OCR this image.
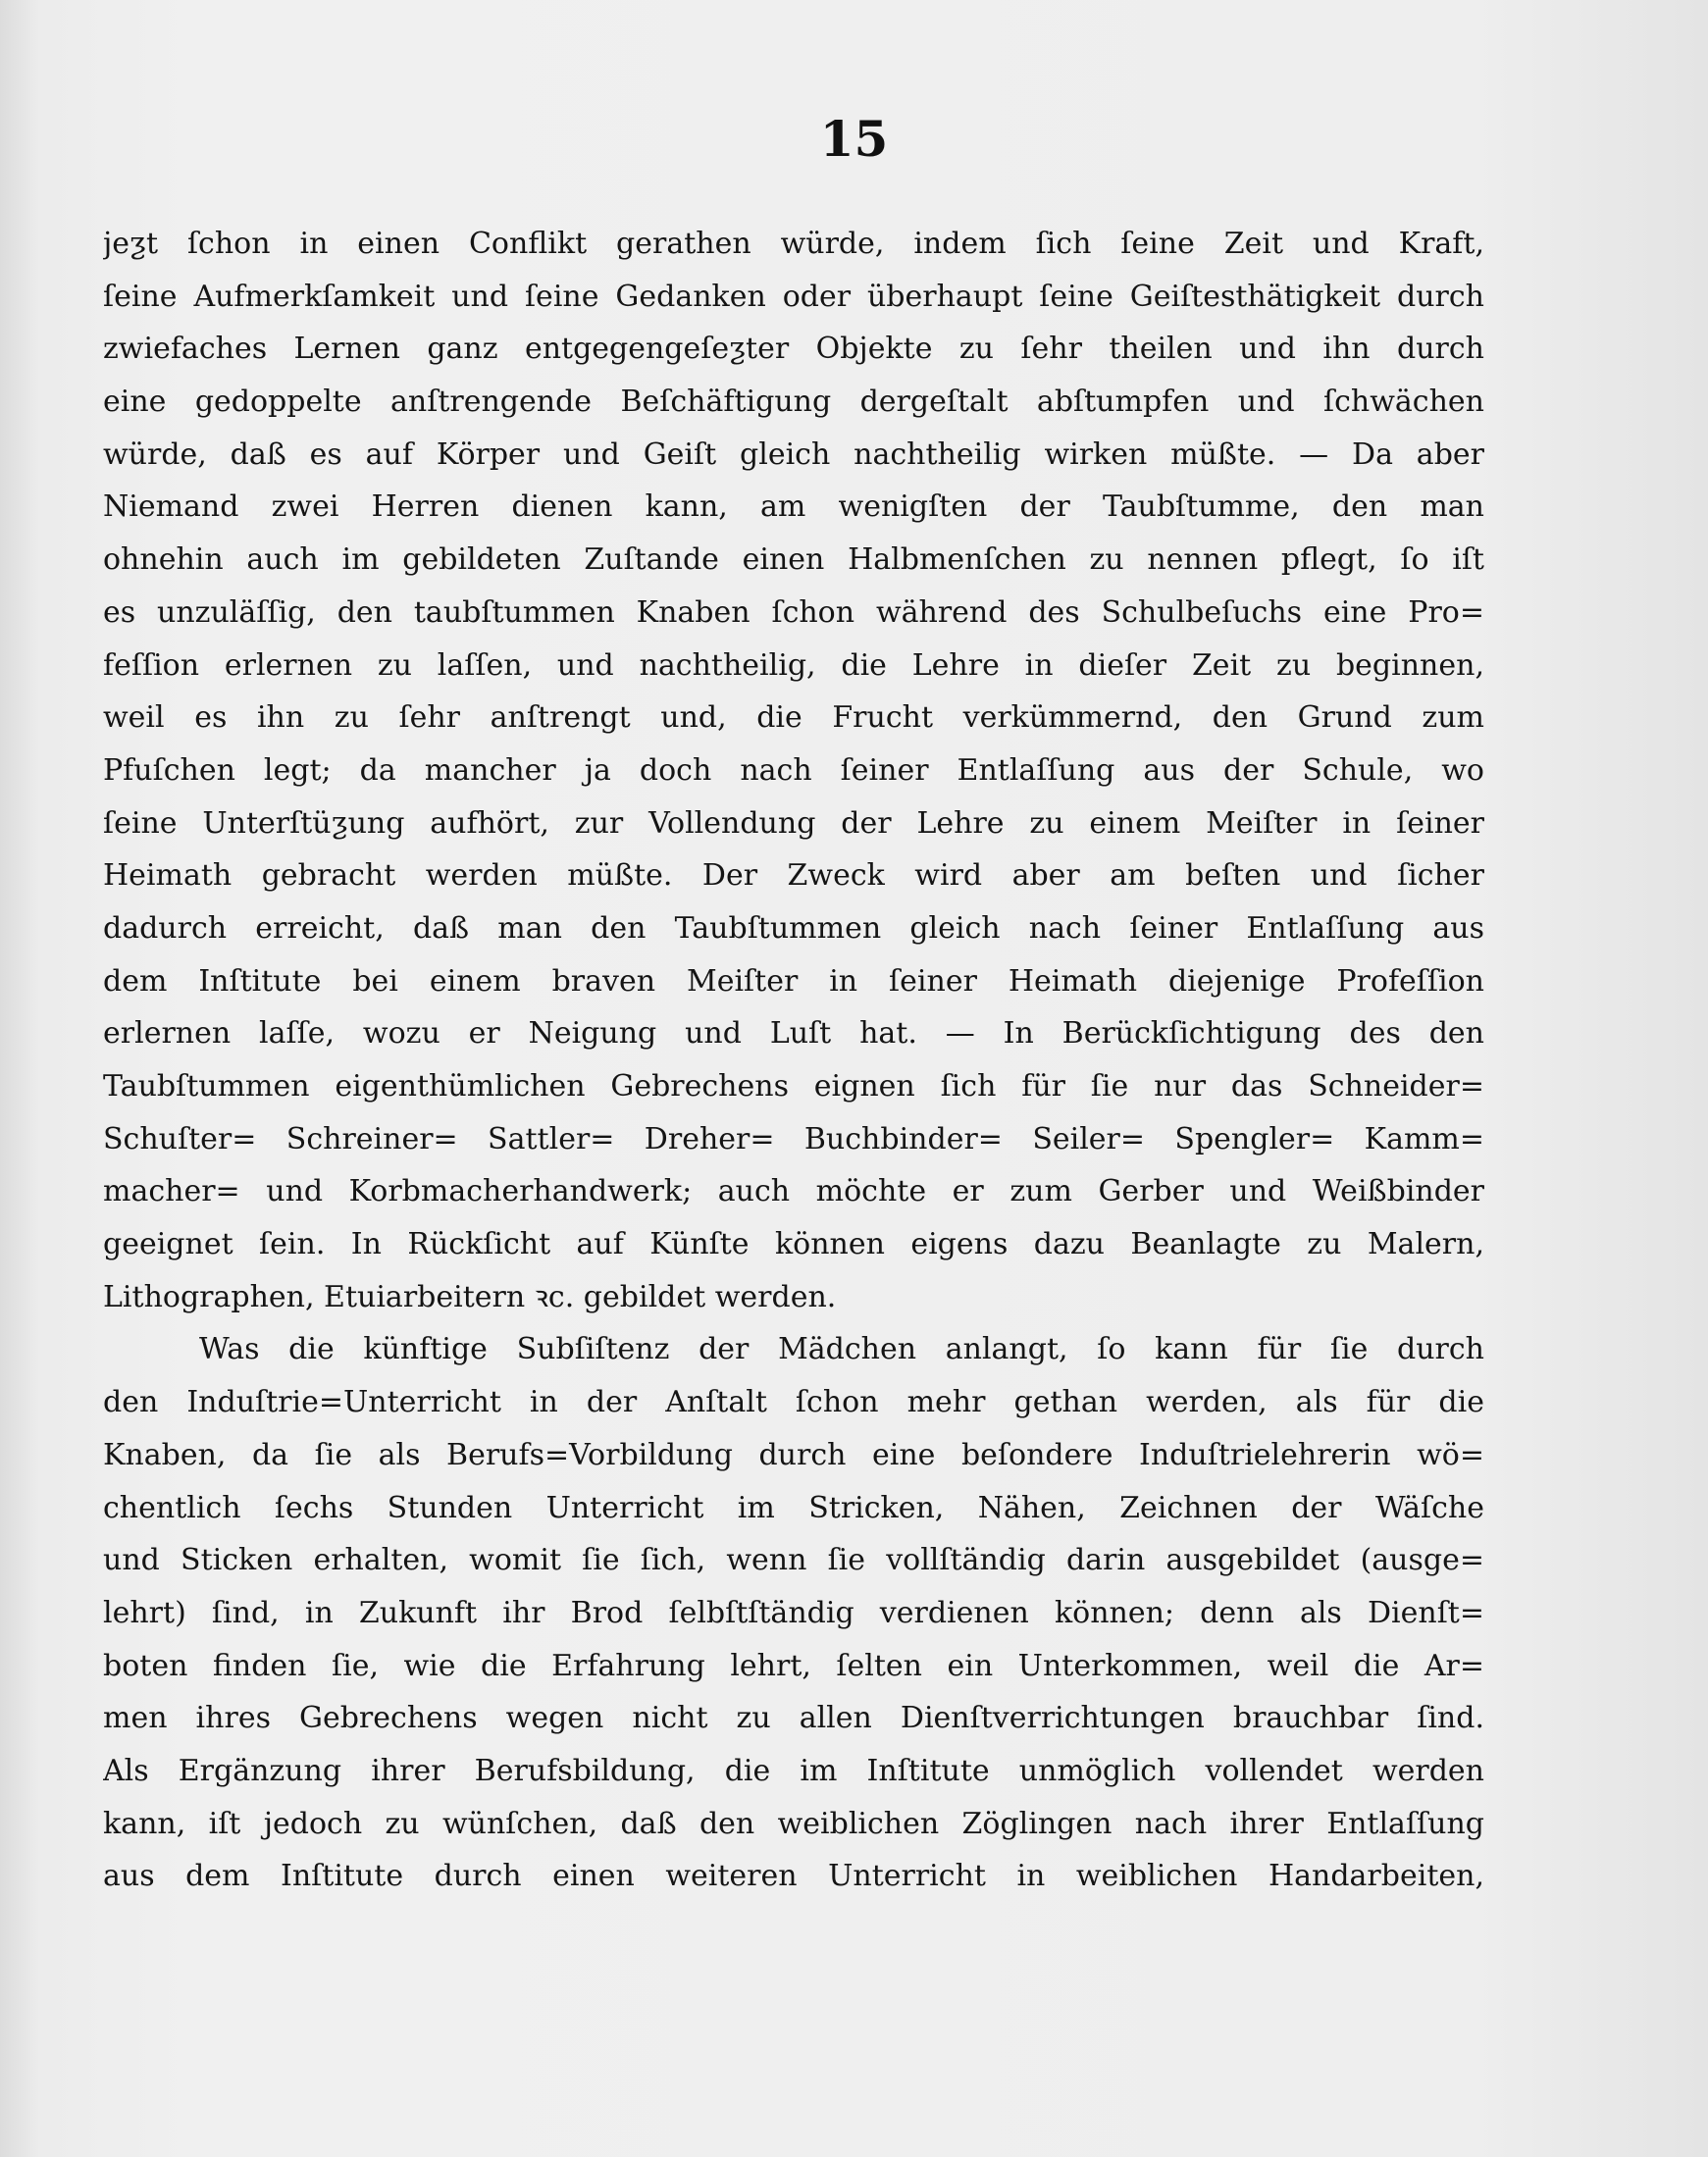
15
jeƺt ſchon in einen Conflikt gerathen würde, indem ſich ſeine Zeit und Kraft,
ſeine Aufmerkſamkeit und ſeine Gedanken oder überhaupt ſeine Geiſtesthätigkeit durch
zwiefaches Lernen ganz entgegengeſeƺter Objekte zu ſehr theilen und ihn durch
eine gedoppelte anſtrengende Beſchäftigung dergeſtalt abſtumpfen und ſchwächen
würde, daß es auf Körper und Geiſt gleich nachtheilig wirken müßte. — Da aber
Niemand zwei Herren dienen kann, am wenigſten der Taubſtumme, den man
ohnehin auch im gebildeten Zuſtande einen Halbmenſchen zu nennen pflegt, ſo iſt
es unzuläſſig, den taubſtummen Knaben ſchon während des Schulbeſuchs eine Pro=
feſſion erlernen zu laſſen, und nachtheilig, die Lehre in dieſer Zeit zu beginnen,
weil es ihn zu ſehr anſtrengt und, die Frucht verkümmernd, den Grund zum
Pfuſchen legt; da mancher ja doch nach ſeiner Entlaſſung aus der Schule, wo
ſeine Unterſtüƺung aufhört, zur Vollendung der Lehre zu einem Meiſter in ſeiner
Heimath gebracht werden müßte. Der Zweck wird aber am beſten und ſicher
dadurch erreicht, daß man den Taubſtummen gleich nach ſeiner Entlaſſung aus
dem Inſtitute bei einem braven Meiſter in ſeiner Heimath diejenige Profeſſion
erlernen laſſe, wozu er Neigung und Luſt hat. — In Berückſichtigung des den
Taubſtummen eigenthümlichen Gebrechens eignen ſich für ſie nur das Schneider=
Schuſter= Schreiner= Sattler= Dreher= Buchbinder= Seiler= Spengler= Kamm=
macher= und Korbmacherhandwerk; auch möchte er zum Gerber und Weißbinder
geeignet ſein. In Rückſicht auf Künſte können eigens dazu Beanlagte zu Malern,
Lithographen, Etuiarbeitern ꝛc. gebildet werden.
Was die künftige Subſiſtenz der Mädchen anlangt, ſo kann für ſie durch
den Induſtrie=Unterricht in der Anſtalt ſchon mehr gethan werden, als für die
Knaben, da ſie als Berufs=Vorbildung durch eine beſondere Induſtrielehrerin wö=
chentlich ſechs Stunden Unterricht im Stricken, Nähen, Zeichnen der Wäſche
und Sticken erhalten, womit ſie ſich, wenn ſie vollſtändig darin ausgebildet (ausge=
lehrt) ſind, in Zukunft ihr Brod ſelbſtſtändig verdienen können; denn als Dienſt=
boten finden ſie, wie die Erfahrung lehrt, ſelten ein Unterkommen, weil die Ar=
men ihres Gebrechens wegen nicht zu allen Dienſtverrichtungen brauchbar ſind.
Als Ergänzung ihrer Berufsbildung, die im Inſtitute unmöglich vollendet werden
kann, iſt jedoch zu wünſchen, daß den weiblichen Zöglingen nach ihrer Entlaſſung
aus dem Inſtitute durch einen weiteren Unterricht in weiblichen Handarbeiten,
